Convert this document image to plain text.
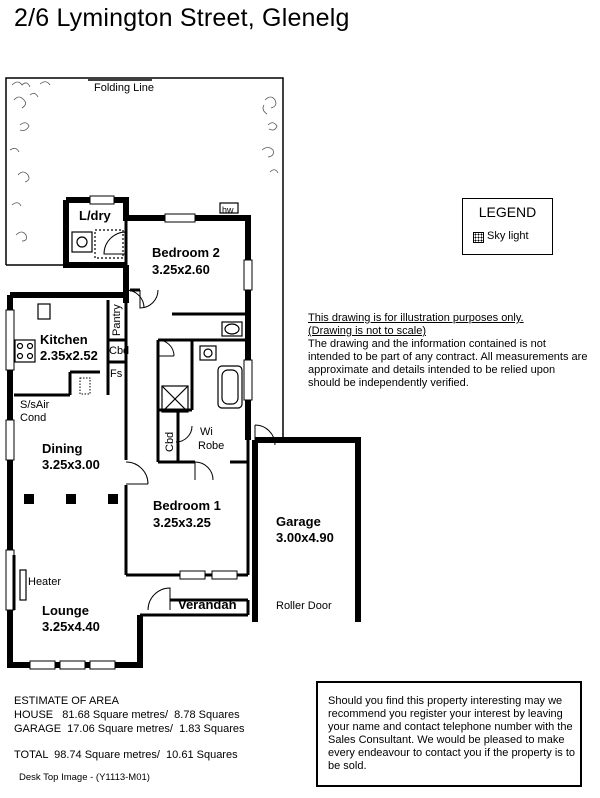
2/6 Lymington Street, Glenelg
Folding Line
hw
L/dry
Bedroom 2
3.25x2.60
Kitchen
2.35x2.52
Pantry
Cbd
Fs
S/sAir
Cond
Dining
3.25x3.00
Cbd Wi
Robe
Bedroom 1
3.25x3.25	Garage
3.00x4.90
Heater
Lounge
3.25x4.40
Verandah	Roller Door
LEGEND
Sky light
This drawing is for illustration purposes only.
(Drawing is not to scale)
The drawing and the information contained is not intended to be part of any contract. All measurements are approximate and details intended to be relied upon should be independently verified.
ESTIMATE OF AREA
HOUSE   81.68 Square metres/  8.78 Squares
GARAGE  17.06 Square metres/  1.83 Squares
TOTAL  98.74 Square metres/  10.61 Squares
Desk Top Image - (Y1113-M01)
Should you find this property interesting may we recommend you register your interest by leaving your name and contact telephone number with the Sales Consultant. We would be pleased to make every endeavour to contact you if the property is to be sold.
